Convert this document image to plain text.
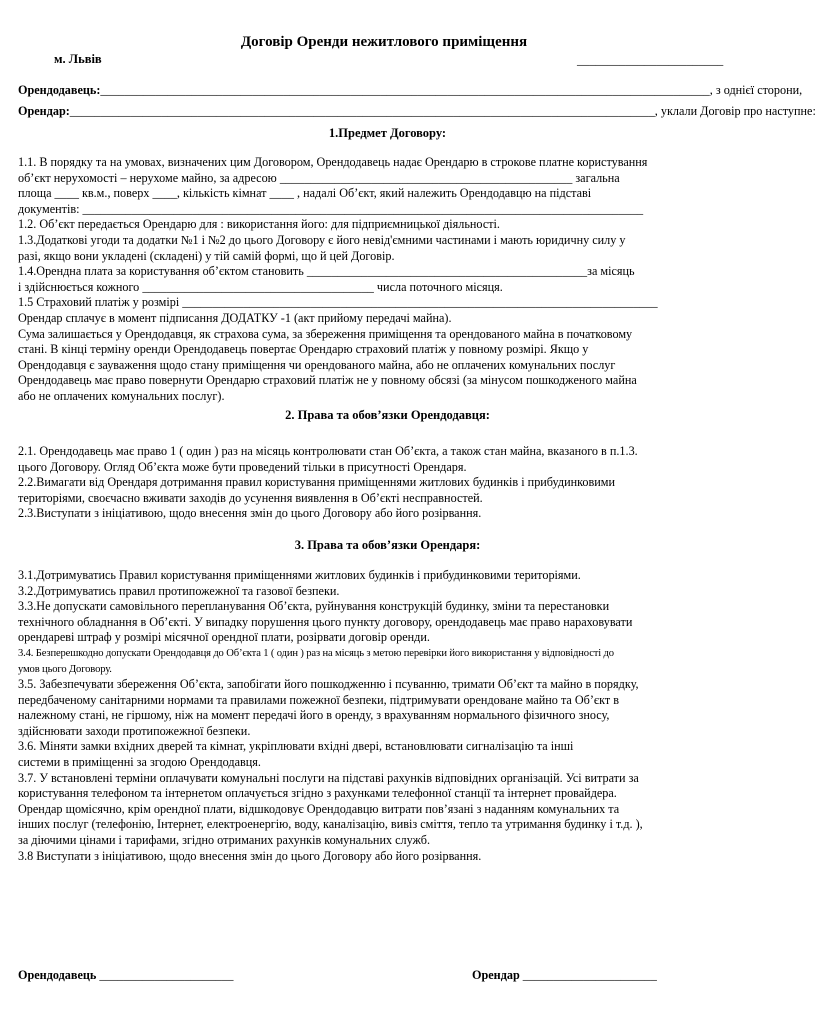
Договір Оренди нежитлового приміщення
м. Львів	________________________
Орендодавець:____________________________________________________________________________________________________, з однієї сторони,
Орендар:________________________________________________________________________________________________, уклали Договір про наступне:
1.Предмет Договору:
1.1. В порядку та на умовах, визначених цим Договором, Орендодавець надає Орендарю в строкове платне користування
об’єкт нерухомості – нерухоме майно, за адресою ________________________________________________ загальна
площа ____ кв.м., поверх ____, кількість кімнат ____ , надалі Об’єкт, який належить Орендодавцю на підставі
документів: ____________________________________________________________________________________________
1.2. Об’єкт передається Орендарю для : використання його: для підприємницької діяльності.
1.3.Додаткові угоди та додатки №1 і №2 до цього Договору є його невід'ємними частинами і мають юридичну силу у
разі, якщо вони укладені (складені) у тій самій формі, що й цей Договір.
1.4.Орендна плата за користування об’єктом становить ______________________________________________за місяць
і здійснюється кожного ______________________________________ числа поточного місяця.
1.5 Страховий платіж у розмірі ______________________________________________________________________________
Орендар сплачує в момент підписання ДОДАТКУ -1 (акт прийому передачі майна).
Сума залишається у Орендодавця, як страхова сума, за збереження приміщення та орендованого майна в початковому
стані. В кінці терміну оренди Орендодавець повертає Орендарю страховий платіж у повному розмірі. Якщо у
Орендодавця є зауваження щодо стану приміщення чи орендованого майна, або не оплачених комунальних послуг
Орендодавець має право повернути Орендарю страховий платіж не у повному обсязі (за мінусом пошкодженого майна
або не оплачених комунальних послуг).
2. Права та обов’язки Орендодавця:
2.1. Орендодавець має право 1 ( один ) раз на місяць контролювати стан Об’єкта, а також стан майна, вказаного в п.1.3.
цього Договору. Огляд Об’єкта може бути проведений тільки в присутності Орендаря.
2.2.Вимагати від Орендаря дотримання правил користування приміщеннями житлових будинків і прибудинковими
територіями, своєчасно вживати заходів до усунення виявлення в Об’єкті несправностей.
2.3.Виступати з ініціативою, щодо внесення змін до цього Договору або його розірвання.
3. Права та обов’язки Орендаря:
3.1.Дотримуватись Правил користування приміщеннями житлових будинків і прибудинковими територіями.
3.2.Дотримуватись правил протипожежної та газової безпеки.
3.3.Не допускати самовільного перепланування Об’єкта, руйнування конструкцій будинку, зміни та перестановки
технічного обладнання в Об’єкті. У випадку порушення цього пункту договору, орендодавець має право нараховувати
орендареві штраф у розмірі місячної орендної плати, розірвати договір оренди.
3.4. Безперешкодно допускати Орендодавця до Об’єкта 1 ( один ) раз на місяць з метою перевірки його використання у відповідності до
умов цього Договору.
3.5. Забезпечувати збереження Об’єкта, запобігати його пошкодженню і псуванню, тримати Об’єкт та майно в порядку,
передбаченому санітарними нормами та правилами пожежної безпеки, підтримувати орендоване майно та Об’єкт в
належному стані, не гіршому, ніж на момент передачі його в оренду, з врахуванням нормального фізичного зносу,
здійснювати заходи протипожежної безпеки.
3.6. Міняти замки вхідних дверей та кімнат, укріплювати вхідні двері, встановлювати сигналізацію та інші
системи в приміщенні за згодою Орендодавця.
3.7. У встановлені терміни оплачувати комунальні послуги на підставі рахунків відповідних організацій. Усі витрати за
користування телефоном та інтернетом оплачується згідно з рахунками телефонної станції та інтернет провайдера.
Орендар щомісячно, крім орендної плати, відшкодовує Орендодавцю витрати пов’язані з наданням комунальних та
інших послуг (телефонію, Інтернет, електроенергію, воду, каналізацію, вивіз сміття, тепло та утримання будинку і т.д. ),
за діючими цінами і тарифами, згідно отриманих рахунків комунальних служб.
3.8 Виступати з ініціативою, щодо внесення змін до цього Договору або його розірвання.
Орендодавець ______________________	Орендар ______________________
